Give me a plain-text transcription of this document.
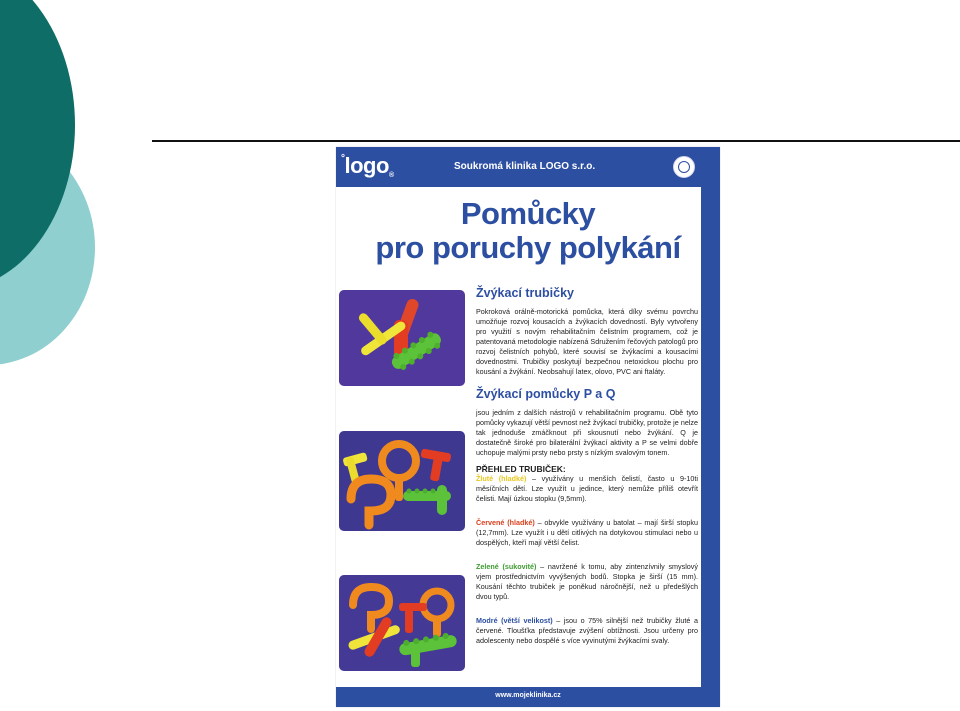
°logo®
Soukromá klinika LOGO s.r.o.
Pomůcky
pro poruchy polykání
Žvýkací trubičky
Pokroková orálně-motorická pomůcka, která díky svému povrchu umožňuje rozvoj kousacích a žvýkacích dovedností. Byly vytvořeny pro využití s novým rehabilitačním čelistním programem, což je patentovaná metodologie nabízená Sdružením řečových patologů pro rozvoj čelistních pohybů, které souvisí se žvýkacími a kousacími dovednostmi. Trubičky poskytují bezpečnou netoxickou plochu pro kousání a žvýkání. Neobsahují latex, olovo, PVC ani ftaláty.
Žvýkací pomůcky P a Q
jsou jedním z dalších nástrojů v rehabilitačním programu. Obě tyto pomůcky vykazují větší pevnost než žvýkací trubičky, protože je nelze tak jednoduše zmáčknout při skousnutí nebo žvýkání. Q je dostatečně široké pro bilaterální žvýkací aktivity a P se velmi dobře uchopuje malými prsty nebo prsty s nízkým svalovým tonem.
PŘEHLED TRUBIČEK:
Žluté (hladké) – využívány u menších čelistí, často u 9-10ti měsíčních dětí. Lze využít u jedince, který nemůže příliš otevřít čelisti. Mají úzkou stopku (9,5mm).
Červené (hladké) – obvykle využívány u batolat – mají širší stopku (12,7mm). Lze využít i u dětí citlivých na dotykovou stimulaci nebo u dospělých, kteří mají větší čelist.
Zelené (sukovité) – navržené k tomu, aby zintenzívnily smyslový vjem prostřednictvím vyvýšených bodů. Stopka je širší (15 mm). Kousání těchto trubiček je poněkud náročnější, než u předešlých dvou typů.
Modré (větší velikost) – jsou o 75% silnější než trubičky žluté a červené. Tloušťka představuje zvýšení obtížnosti. Jsou určeny pro adolescenty nebo dospělé s více vyvinutými žvýkacími svaly.
www.mojeklinika.cz
